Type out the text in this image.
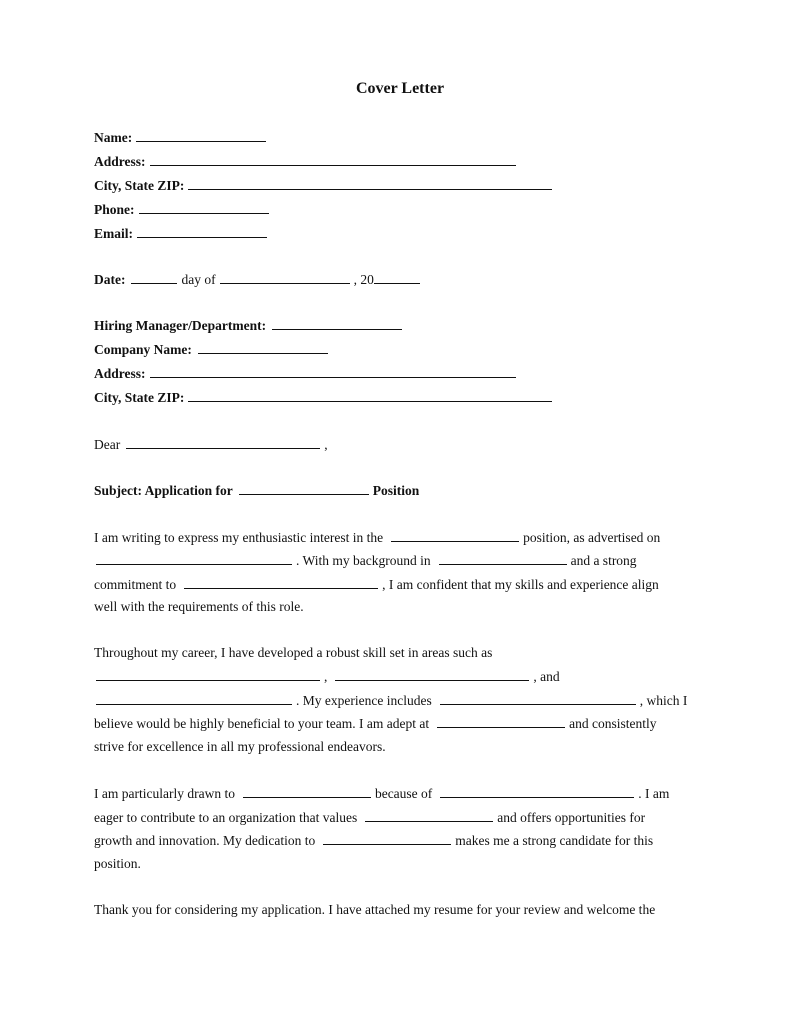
Cover Letter
Name:
Address:
City, State ZIP:
Phone:
Email:
Date:	day of	, 20
Hiring Manager/Department:
Company Name:
Address:
City, State ZIP:
Dear	,
Subject: Application for	Position
I am writing to express my enthusiastic interest in the	position, as advertised on
. With my background in	and a strong
commitment to	, I am confident that my skills and experience align
well with the requirements of this role.
Throughout my career, I have developed a robust skill set in areas such as
,	, and
. My experience includes	, which I
believe would be highly beneficial to your team. I am adept at	and consistently
strive for excellence in all my professional endeavors.
I am particularly drawn to	because of	. I am
eager to contribute to an organization that values	and offers opportunities for
growth and innovation. My dedication to	makes me a strong candidate for this
position.
Thank you for considering my application. I have attached my resume for your review and welcome the
